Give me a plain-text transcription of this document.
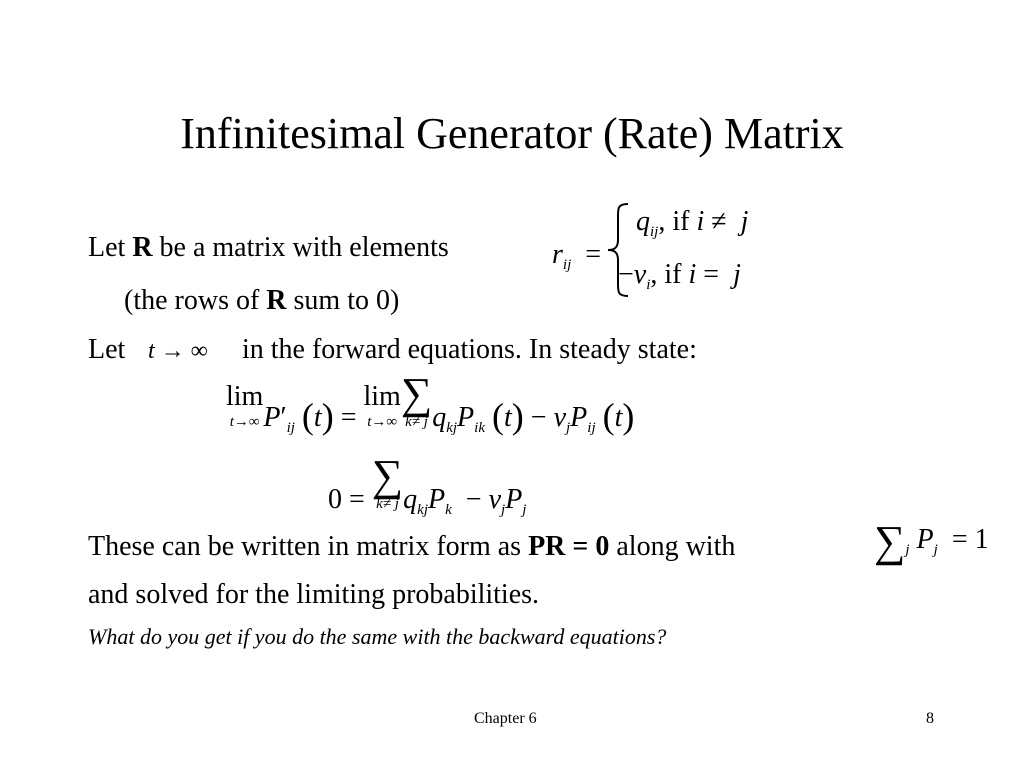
Infinitesimal Generator (Rate) Matrix
Let R be a matrix with elements	$r_{ij}$  =
$q_{ij}$, if i ≠  j
$-v_i$, if i =  j
(the rows of R sum to 0)
Let t → ∞ in the forward equations. In steady state:
lim
t→∞ $P'_{ij}$ (t) = lim
t→∞
∑
k≠ j $q_{kj}P_{ik}$ $(t) - v_jP_{ij}$ (t)
0 = ∑
k≠ j $q_{kj}P_k - v_jP_j$
These can be written in matrix form as PR = 0 along with	$\sum_j$ $P_j = 1$
and solved for the limiting probabilities.
What do you get if you do the same with the backward equations?
Chapter 6	8
